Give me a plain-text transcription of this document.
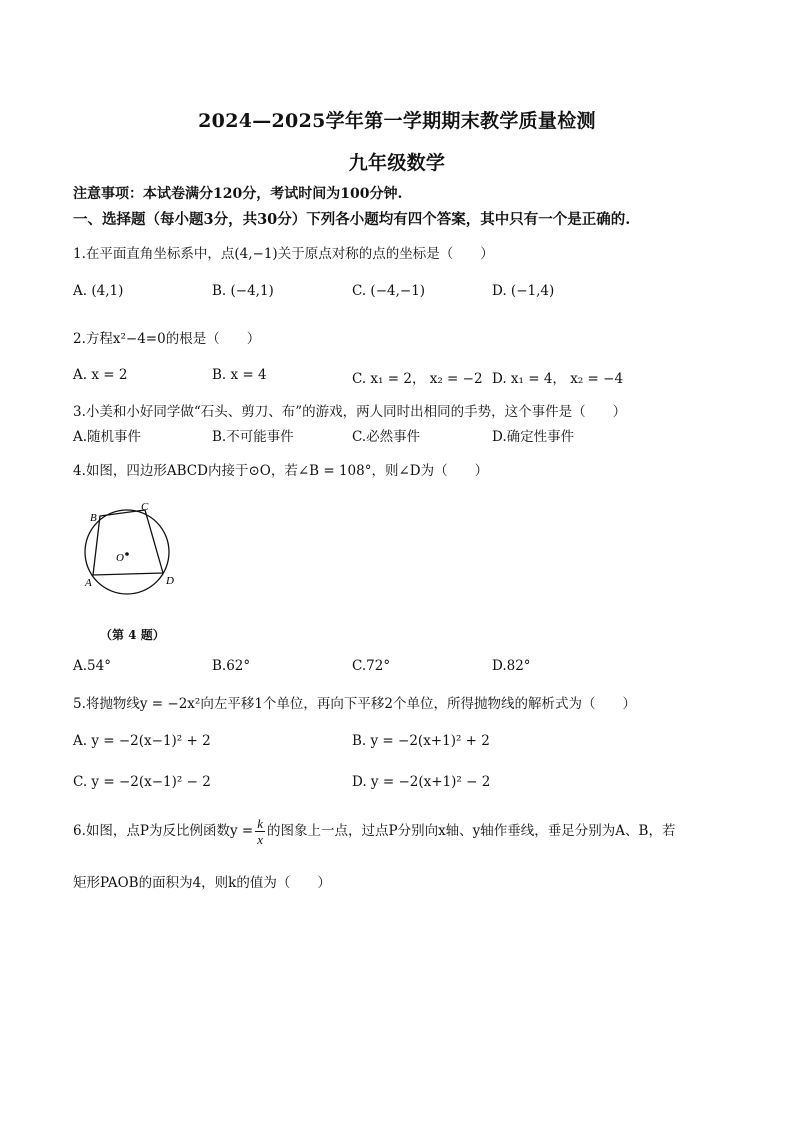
2024—2025学年第一学期期末教学质量检测
九年级数学
注意事项：本试卷满分120分，考试时间为100分钟.
一、选择题（每小题3分，共30分）下列各小题均有四个答案，其中只有一个是正确的.
1.在平面直角坐标系中，点(4,−1)关于原点对称的点的坐标是（　　）
A. (4,1)	B. (−4,1)	C. (−4,−1)	D. (−1,4)
2.方程x²−4=0的根是（　　）
A. x = 2	B. x = 4	C. x₁ = 2， x₂ = −2 D. x₁ = 4， x₂ = −4
3.小美和小好同学做“石头、剪刀、布”的游戏，两人同时出相同的手势，这个事件是（　　）
A.随机事件	B.不可能事件	C.必然事件	D.确定性事件
4.如图，四边形ABCD内接于⊙O，若∠B = 108°，则∠D为（　　）
B
C
O
A	D
（第 4 题）
A.54°	B.62°	C.72°	D.82°
5.将抛物线y = −2x²向左平移1个单位，再向下平移2个单位，所得抛物线的解析式为（　　）
A. y = −2(x−1)² + 2	B. y = −2(x+1)² + 2
C. y = −2(x−1)² − 2	D. y = −2(x+1)² − 2
6.如图，点P为反比例函数$y = \frac{k}{x}$ 的图象上一点，过点P分别向x轴、y轴作垂线，垂足分别为A、B，若
矩形PAOB的面积为4，则k的值为（　　）
